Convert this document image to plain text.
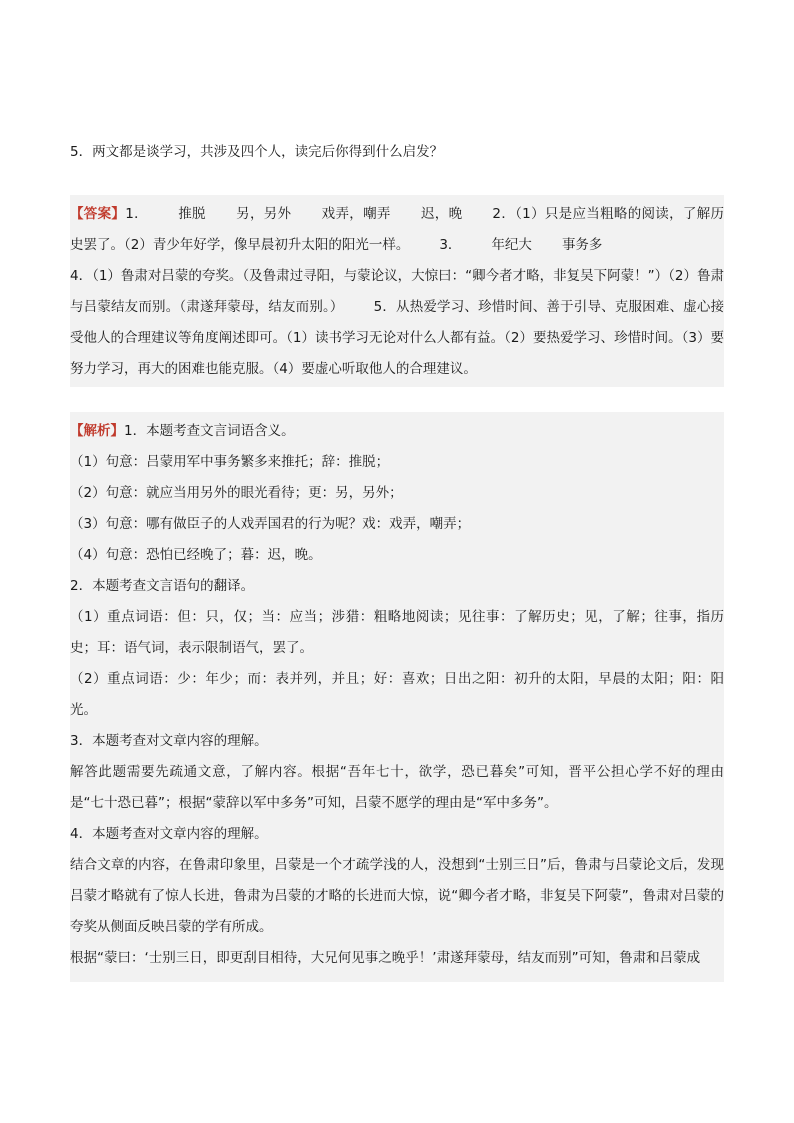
5．两文都是谈学习，共涉及四个人，读完后你得到什么启发？

【答案】1． 推脱 另，另外 戏弄，嘲弄 迟，晚 2．（1）只是应当粗略的阅读，了解历史罢了。（2）青少年好学，像早晨初升太阳的阳光一样。 3． 年纪大 事务多

4．（1）鲁肃对吕蒙的夸奖。（及鲁肃过寻阳，与蒙论议，大惊曰：“卿今者才略，非复吴下阿蒙！”）（2）鲁肃与吕蒙结友而别。（肃遂拜蒙母，结友而别。） 5．从热爱学习、珍惜时间、善于引导、克服困难、虚心接受他人的合理建议等角度阐述即可。（1）读书学习无论对什么人都有益。（2）要热爱学习、珍惜时间。（3）要努力学习，再大的困难也能克服。（4）要虚心听取他人的合理建议。

【解析】1．本题考查文言词语含义。

（1）句意：吕蒙用军中事务繁多来推托；辞：推脱；

（2）句意：就应当用另外的眼光看待；更：另，另外；

（3）句意：哪有做臣子的人戏弄国君的行为呢？戏：戏弄，嘲弄；

（4）句意：恐怕已经晚了；暮：迟，晚。

2．本题考查文言语句的翻译。

（1）重点词语：但：只，仅；当：应当；涉猎：粗略地阅读；见往事：了解历史；见，了解；往事，指历史；耳：语气词，表示限制语气，罢了。

（2）重点词语：少：年少；而：表并列，并且；好：喜欢；日出之阳：初升的太阳，早晨的太阳；阳：阳光。

3．本题考查对文章内容的理解。

解答此题需要先疏通文意，了解内容。根据“吾年七十，欲学，恐已暮矣”可知，晋平公担心学不好的理由是“七十恐已暮”；根据“蒙辞以军中多务”可知，吕蒙不愿学的理由是“军中多务”。

4．本题考查对文章内容的理解。

结合文章的内容，在鲁肃印象里，吕蒙是一个才疏学浅的人，没想到“士别三日”后，鲁肃与吕蒙论文后，发现吕蒙才略就有了惊人长进，鲁肃为吕蒙的才略的长进而大惊，说“卿今者才略，非复吴下阿蒙”，鲁肃对吕蒙的夸奖从侧面反映吕蒙的学有所成。

根据“蒙曰：‘士别三日，即更刮目相待，大兄何见事之晚乎！’肃遂拜蒙母，结友而别”可知，鲁肃和吕蒙成
